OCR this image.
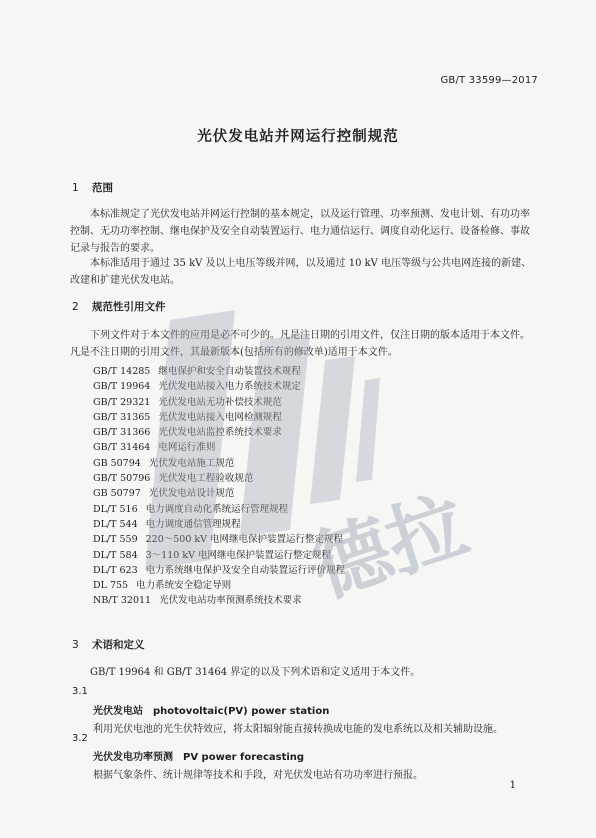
GB/T 33599—2017
光伏发电站并网运行控制规范
1 范围
本标准规定了光伏发电站并网运行控制的基本规定，以及运行管理、功率预测、发电计划、有功功率控制、无功功率控制、继电保护及安全自动装置运行、电力通信运行、调度自动化运行、设备检修、事故记录与报告的要求。
本标准适用于通过 35 kV 及以上电压等级并网，以及通过 10 kV 电压等级与公共电网连接的新建、改建和扩建光伏发电站。
2 规范性引用文件
下列文件对于本文件的应用是必不可少的。凡是注日期的引用文件，仅注日期的版本适用于本文件。凡是不注日期的引用文件，其最新版本(包括所有的修改单)适用于本文件。
GB/T 14285 继电保护和安全自动装置技术规程
GB/T 19964 光伏发电站接入电力系统技术规定
GB/T 29321 光伏发电站无功补偿技术规范
GB/T 31365 光伏发电站接入电网检测规程
GB/T 31366 光伏发电站监控系统技术要求
GB/T 31464 电网运行准则
GB 50794 光伏发电站施工规范
GB/T 50796 光伏发电工程验收规范
GB 50797 光伏发电站设计规范
DL/T 516 电力调度自动化系统运行管理规程
DL/T 544 电力调度通信管理规程
DL/T 559 220～500 kV 电网继电保护装置运行整定规程
DL/T 584 3～110 kV 电网继电保护装置运行整定规程
DL/T 623 电力系统继电保护及安全自动装置运行评价规程
DL 755 电力系统安全稳定导则
NB/T 32011 光伏发电站功率预测系统技术要求
3 术语和定义
GB/T 19964 和 GB/T 31464 界定的以及下列术语和定义适用于本文件。
3.1
光伏发电站 photovoltaic(PV) power station
利用光伏电池的光生伏特效应，将太阳辐射能直接转换成电能的发电系统以及相关辅助设施。
3.2
光伏发电功率预测 PV power forecasting
根据气象条件、统计规律等技术和手段，对光伏发电站有功功率进行预报。
1
德拉
